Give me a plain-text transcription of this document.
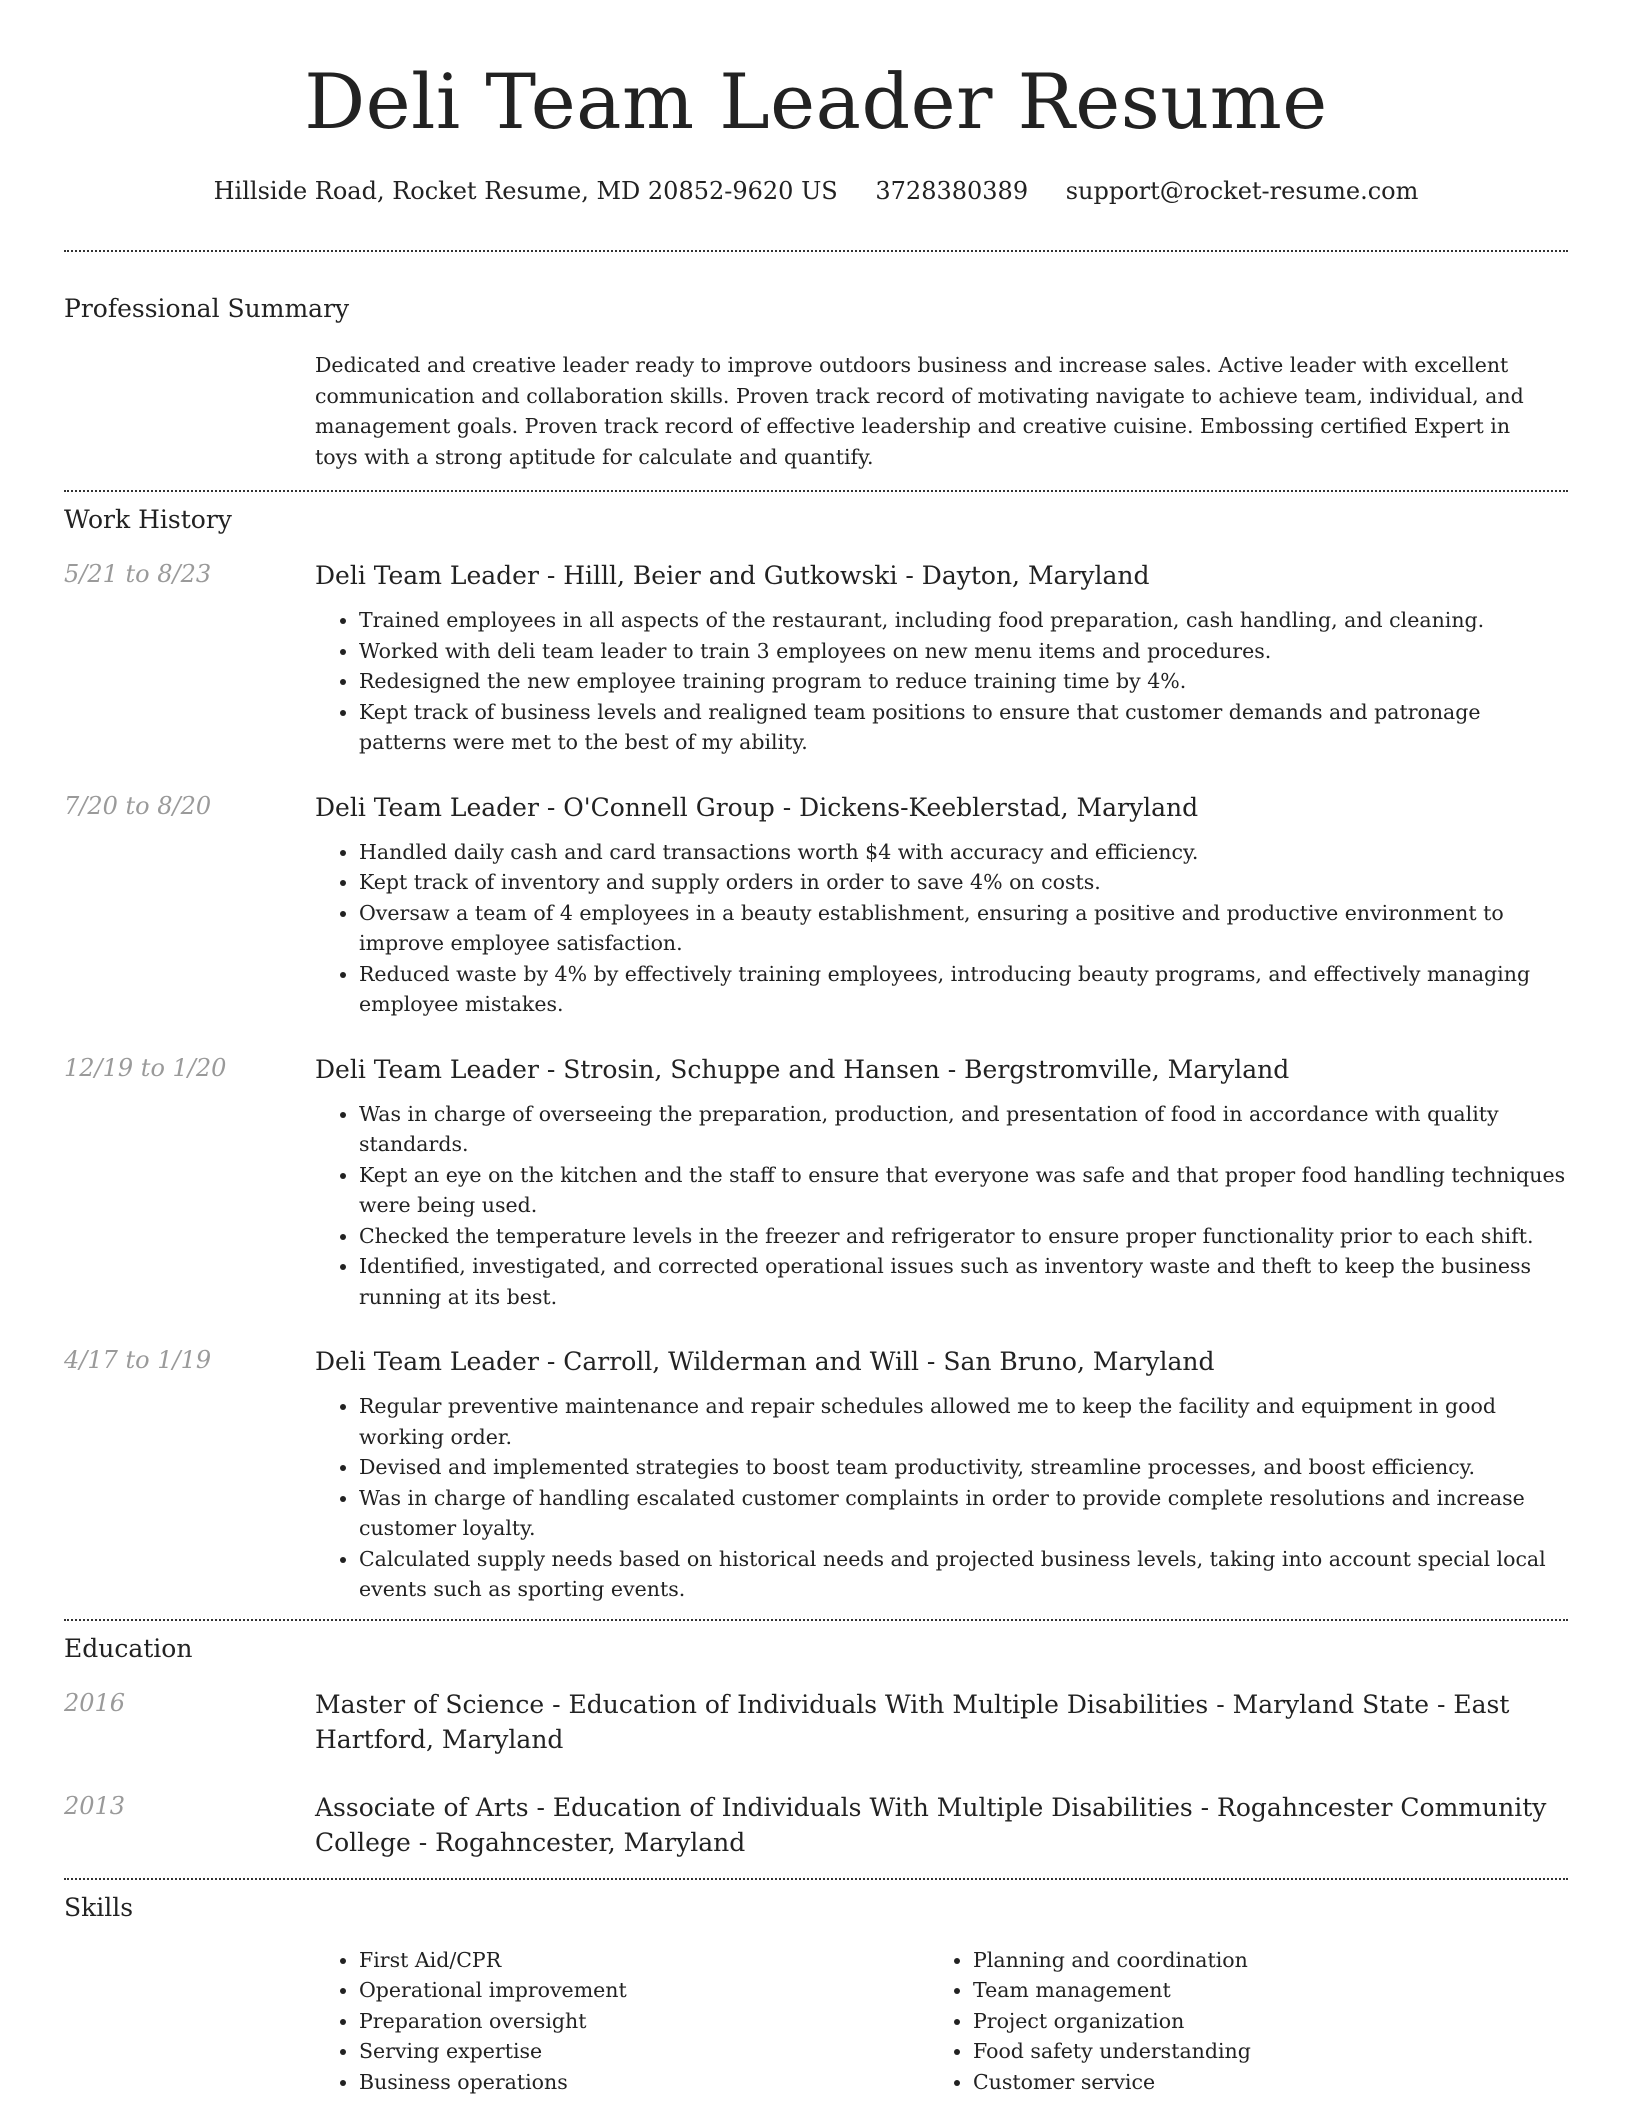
Deli Team Leader Resume
Hillside Road, Rocket Resume, MD 20852-9620 US 3728380389 support@rocket-resume.com
Professional Summary
Dedicated and creative leader ready to improve outdoors business and increase sales. Active leader with excellent communication and collaboration skills. Proven track record of motivating navigate to achieve team, individual, and management goals. Proven track record of effective leadership and creative cuisine. Embossing certified Expert in toys with a strong aptitude for calculate and quantify.
Work History
5/21 to 8/23	Deli Team Leader - Hilll, Beier and Gutkowski - Dayton, Maryland
• Trained employees in all aspects of the restaurant, including food preparation, cash handling, and cleaning.
• Worked with deli team leader to train 3 employees on new menu items and procedures.
• Redesigned the new employee training program to reduce training time by 4%.
• Kept track of business levels and realigned team positions to ensure that customer demands and patronage patterns were met to the best of my ability.
7/20 to 8/20	Deli Team Leader - O'Connell Group - Dickens-Keeblerstad, Maryland
• Handled daily cash and card transactions worth $4 with accuracy and efficiency.
• Kept track of inventory and supply orders in order to save 4% on costs.
• Oversaw a team of 4 employees in a beauty establishment, ensuring a positive and productive environment to improve employee satisfaction.
• Reduced waste by 4% by effectively training employees, introducing beauty programs, and effectively managing employee mistakes.
12/19 to 1/20	Deli Team Leader - Strosin, Schuppe and Hansen - Bergstromville, Maryland
• Was in charge of overseeing the preparation, production, and presentation of food in accordance with quality standards.
• Kept an eye on the kitchen and the staff to ensure that everyone was safe and that proper food handling techniques were being used.
• Checked the temperature levels in the freezer and refrigerator to ensure proper functionality prior to each shift.
• Identified, investigated, and corrected operational issues such as inventory waste and theft to keep the business running at its best.
4/17 to 1/19	Deli Team Leader - Carroll, Wilderman and Will - San Bruno, Maryland
• Regular preventive maintenance and repair schedules allowed me to keep the facility and equipment in good working order.
• Devised and implemented strategies to boost team productivity, streamline processes, and boost efficiency.
• Was in charge of handling escalated customer complaints in order to provide complete resolutions and increase customer loyalty.
• Calculated supply needs based on historical needs and projected business levels, taking into account special local events such as sporting events.
Education
2016	Master of Science - Education of Individuals With Multiple Disabilities - Maryland State - East Hartford, Maryland
2013	Associate of Arts - Education of Individuals With Multiple Disabilities - Rogahncester Community College - Rogahncester, Maryland
Skills
• First Aid/CPR
• Operational improvement
• Preparation oversight
• Serving expertise
• Business operations
• Planning and coordination
• Team management
• Project organization
• Food safety understanding
• Customer service
